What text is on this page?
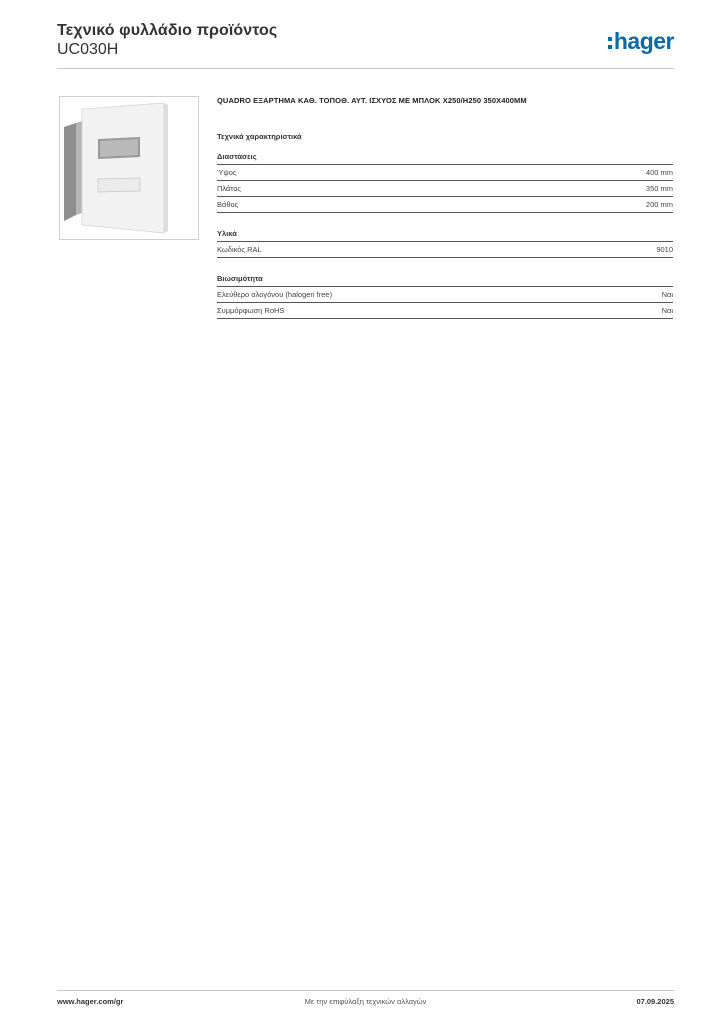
Τεχνικό φυλλάδιο προϊόντος
UC030H	hager
QUADRO ΕΞΑΡΤΗΜΑ ΚΑΘ. ΤΟΠΟΘ. ΑΥΤ. ΙΣΧΥΟΣ ΜΕ ΜΠΛΟΚ Χ250/Η250 350Χ400ΜΜ
Τεχνικά χαρακτηριστικά
Διαστάσεις
Ύψος	400 mm
Πλάτος	350 mm
Βάθος	200 mm
Υλικά
Κωδικός RAL	9010
Βιωσιμότητα
Ελεύθερο αλογόνου (halogen free)	Ναι
Συμμόρφωση RoHS	Ναι
www.hager.com/gr	Με την επιφύλαξη τεχνικών αλλαγών	07.09.2025
